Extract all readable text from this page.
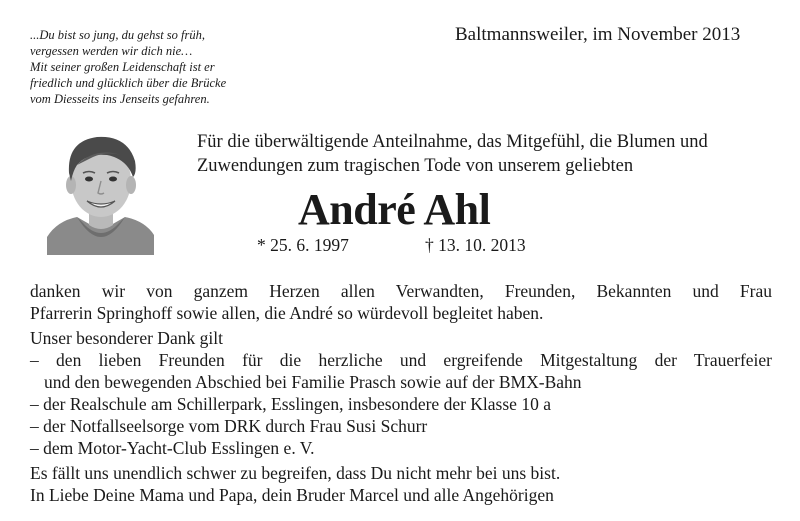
...Du bist so jung, du gehst so früh,
vergessen werden wir dich nie…
Mit seiner großen Leidenschaft ist er
friedlich und glücklich über die Brücke
vom Diesseits ins Jenseits gefahren.
Baltmannsweiler, im November 2013
Für die überwältigende Anteilnahme, das Mitgefühl, die Blumen und
Zuwendungen zum tragischen Tode von unserem geliebten
André Ahl
* 25. 6. 1997	† 13. 10. 2013
danken wir von ganzem Herzen allen Verwandten, Freunden, Bekannten und Frau
Pfarrerin Springhoff sowie allen, die André so würdevoll begleitet haben.
Unser besonderer Dank gilt
– den lieben Freunden für die herzliche und ergreifende Mitgestaltung der Trauerfeier
und den bewegenden Abschied bei Familie Prasch sowie auf der BMX-Bahn
– der Realschule am Schillerpark, Esslingen, insbesondere der Klasse 10 a
– der Notfallseelsorge vom DRK durch Frau Susi Schurr
– dem Motor-Yacht-Club Esslingen e. V.
Es fällt uns unendlich schwer zu begreifen, dass Du nicht mehr bei uns bist.
In Liebe Deine Mama und Papa, dein Bruder Marcel und alle Angehörigen
